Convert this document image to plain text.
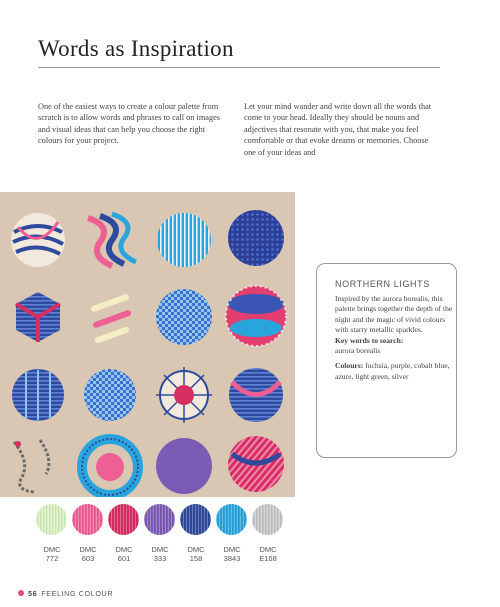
Words as Inspiration
One of the easiest ways to create a colour palette from scratch is to allow words and phrases to call on images and visual ideas that can help you choose the right colours for your project.
Let your mind wander and write down all the words that come to your head. Ideally they should be nouns and adjectives that resonate with you, that make you feel comfortable or that evoke dreams or memories. Choose one of your ideas and
NORTHERN LIGHTS

Inspired by the aurora borealis, this palette brings together the depth of the night and the magic of vivid colours with starry metallic sparkles.

Key words to search:

aurora borealis

Colours: fuchsia, purple, cobalt blue, azure, light green, silver

DMC
772
DMC
603
DMC
601
DMC
333
DMC
158
DMC
3843
DMC
E168
56 FEELING COLOUR
